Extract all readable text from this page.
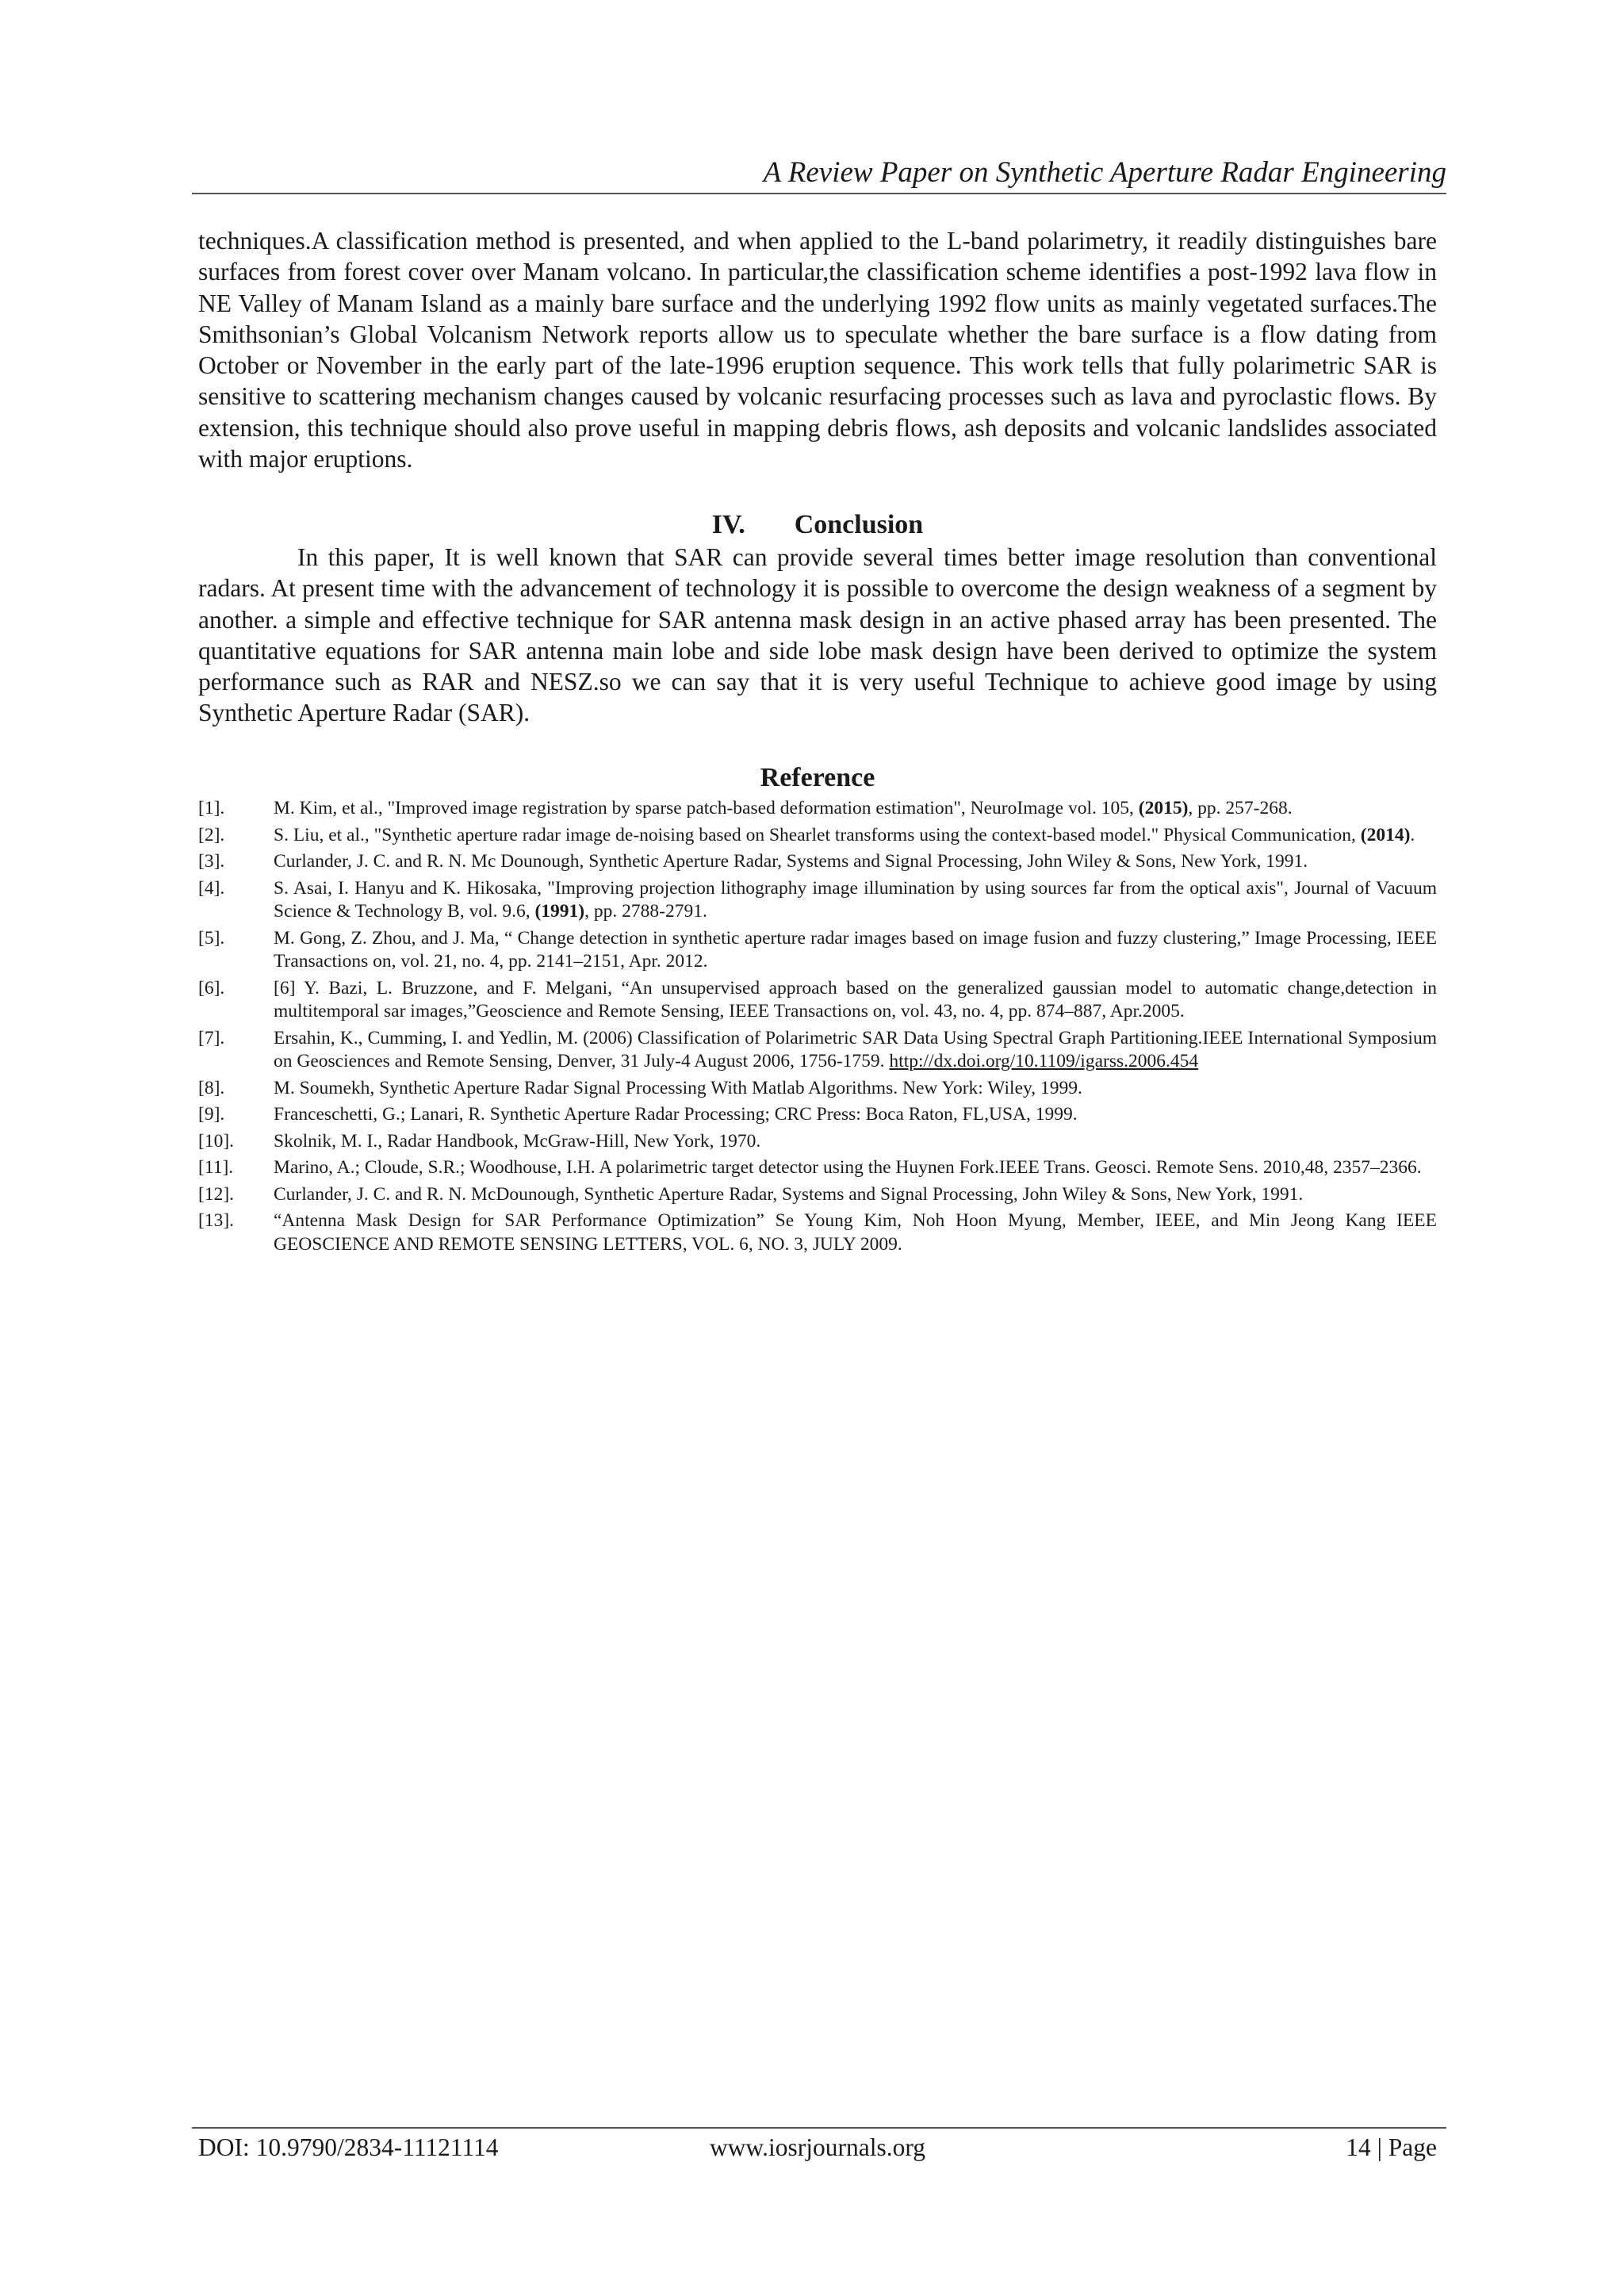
A Review Paper on Synthetic Aperture Radar Engineering

techniques.A classification method is presented, and when applied to the L-band polarimetry, it readily distinguishes bare surfaces from forest cover over Manam volcano. In particular,the classification scheme identifies a post-1992 lava flow in NE Valley of Manam Island as a mainly bare surface and the underlying 1992 flow units as mainly vegetated surfaces.The Smithsonian’s Global Volcanism Network reports allow us to speculate whether the bare surface is a flow dating from October or November in the early part of the late-1996 eruption sequence. This work tells that fully polarimetric SAR is sensitive to scattering mechanism changes caused by volcanic resurfacing processes such as lava and pyroclastic flows. By extension, this technique should also prove useful in mapping debris flows, ash deposits and volcanic landslides associated with major eruptions.

IV. Conclusion

In this paper, It is well known that SAR can provide several times better image resolution than conventional radars. At present time with the advancement of technology it is possible to overcome the design weakness of a segment by another. a simple and effective technique for SAR antenna mask design in an active phased array has been presented. The quantitative equations for SAR antenna main lobe and side lobe mask design have been derived to optimize the system performance such as RAR and NESZ.so we can say that it is very useful Technique to achieve good image by using Synthetic Aperture Radar (SAR).

Reference
[1].	M. Kim, et al., "Improved image registration by sparse patch-based deformation estimation", NeuroImage vol. 105, (2015), pp. 257-268.
[2].	S. Liu, et al., "Synthetic aperture radar image de-noising based on Shearlet transforms using the context-based model." Physical Communication, (2014).
[3].	Curlander, J. C. and R. N. Mc Dounough, Synthetic Aperture Radar, Systems and Signal Processing, John Wiley & Sons, New York, 1991.
[4].	S. Asai, I. Hanyu and K. Hikosaka, "Improving projection lithography image illumination by using sources far from the optical axis", Journal of Vacuum Science & Technology B, vol. 9.6, (1991), pp. 2788-2791.
[5].	M. Gong, Z. Zhou, and J. Ma, “ Change detection in synthetic aperture radar images based on image fusion and fuzzy clustering,” Image Processing, IEEE Transactions on, vol. 21, no. 4, pp. 2141–2151, Apr. 2012.
[6].	[6] Y. Bazi, L. Bruzzone, and F. Melgani, “An unsupervised approach based on the generalized gaussian model to automatic change,detection in multitemporal sar images,”Geoscience and Remote Sensing, IEEE Transactions on, vol. 43, no. 4, pp. 874–887, Apr.2005.
[7].	Ersahin, K., Cumming, I. and Yedlin, M. (2006) Classification of Polarimetric SAR Data Using Spectral Graph Partitioning.IEEE International Symposium on Geosciences and Remote Sensing, Denver, 31 July-4 August 2006, 1756-1759. http://dx.doi.org/10.1109/igarss.2006.454
[8].	M. Soumekh, Synthetic Aperture Radar Signal Processing With Matlab Algorithms. New York: Wiley, 1999.
[9].	Franceschetti, G.; Lanari, R. Synthetic Aperture Radar Processing; CRC Press: Boca Raton, FL,USA, 1999.
[10].	Skolnik, M. I., Radar Handbook, McGraw-Hill, New York, 1970.
[11].	Marino, A.; Cloude, S.R.; Woodhouse, I.H. A polarimetric target detector using the Huynen Fork.IEEE Trans. Geosci. Remote Sens. 2010,48, 2357–2366.
[12].	Curlander, J. C. and R. N. McDounough, Synthetic Aperture Radar, Systems and Signal Processing, John Wiley & Sons, New York, 1991.
[13].	“Antenna Mask Design for SAR Performance Optimization” Se Young Kim, Noh Hoon Myung, Member, IEEE, and Min Jeong Kang IEEE GEOSCIENCE AND REMOTE SENSING LETTERS, VOL. 6, NO. 3, JULY 2009.
DOI: 10.9790/2834-11121114	www.iosrjournals.org	14 | Page
